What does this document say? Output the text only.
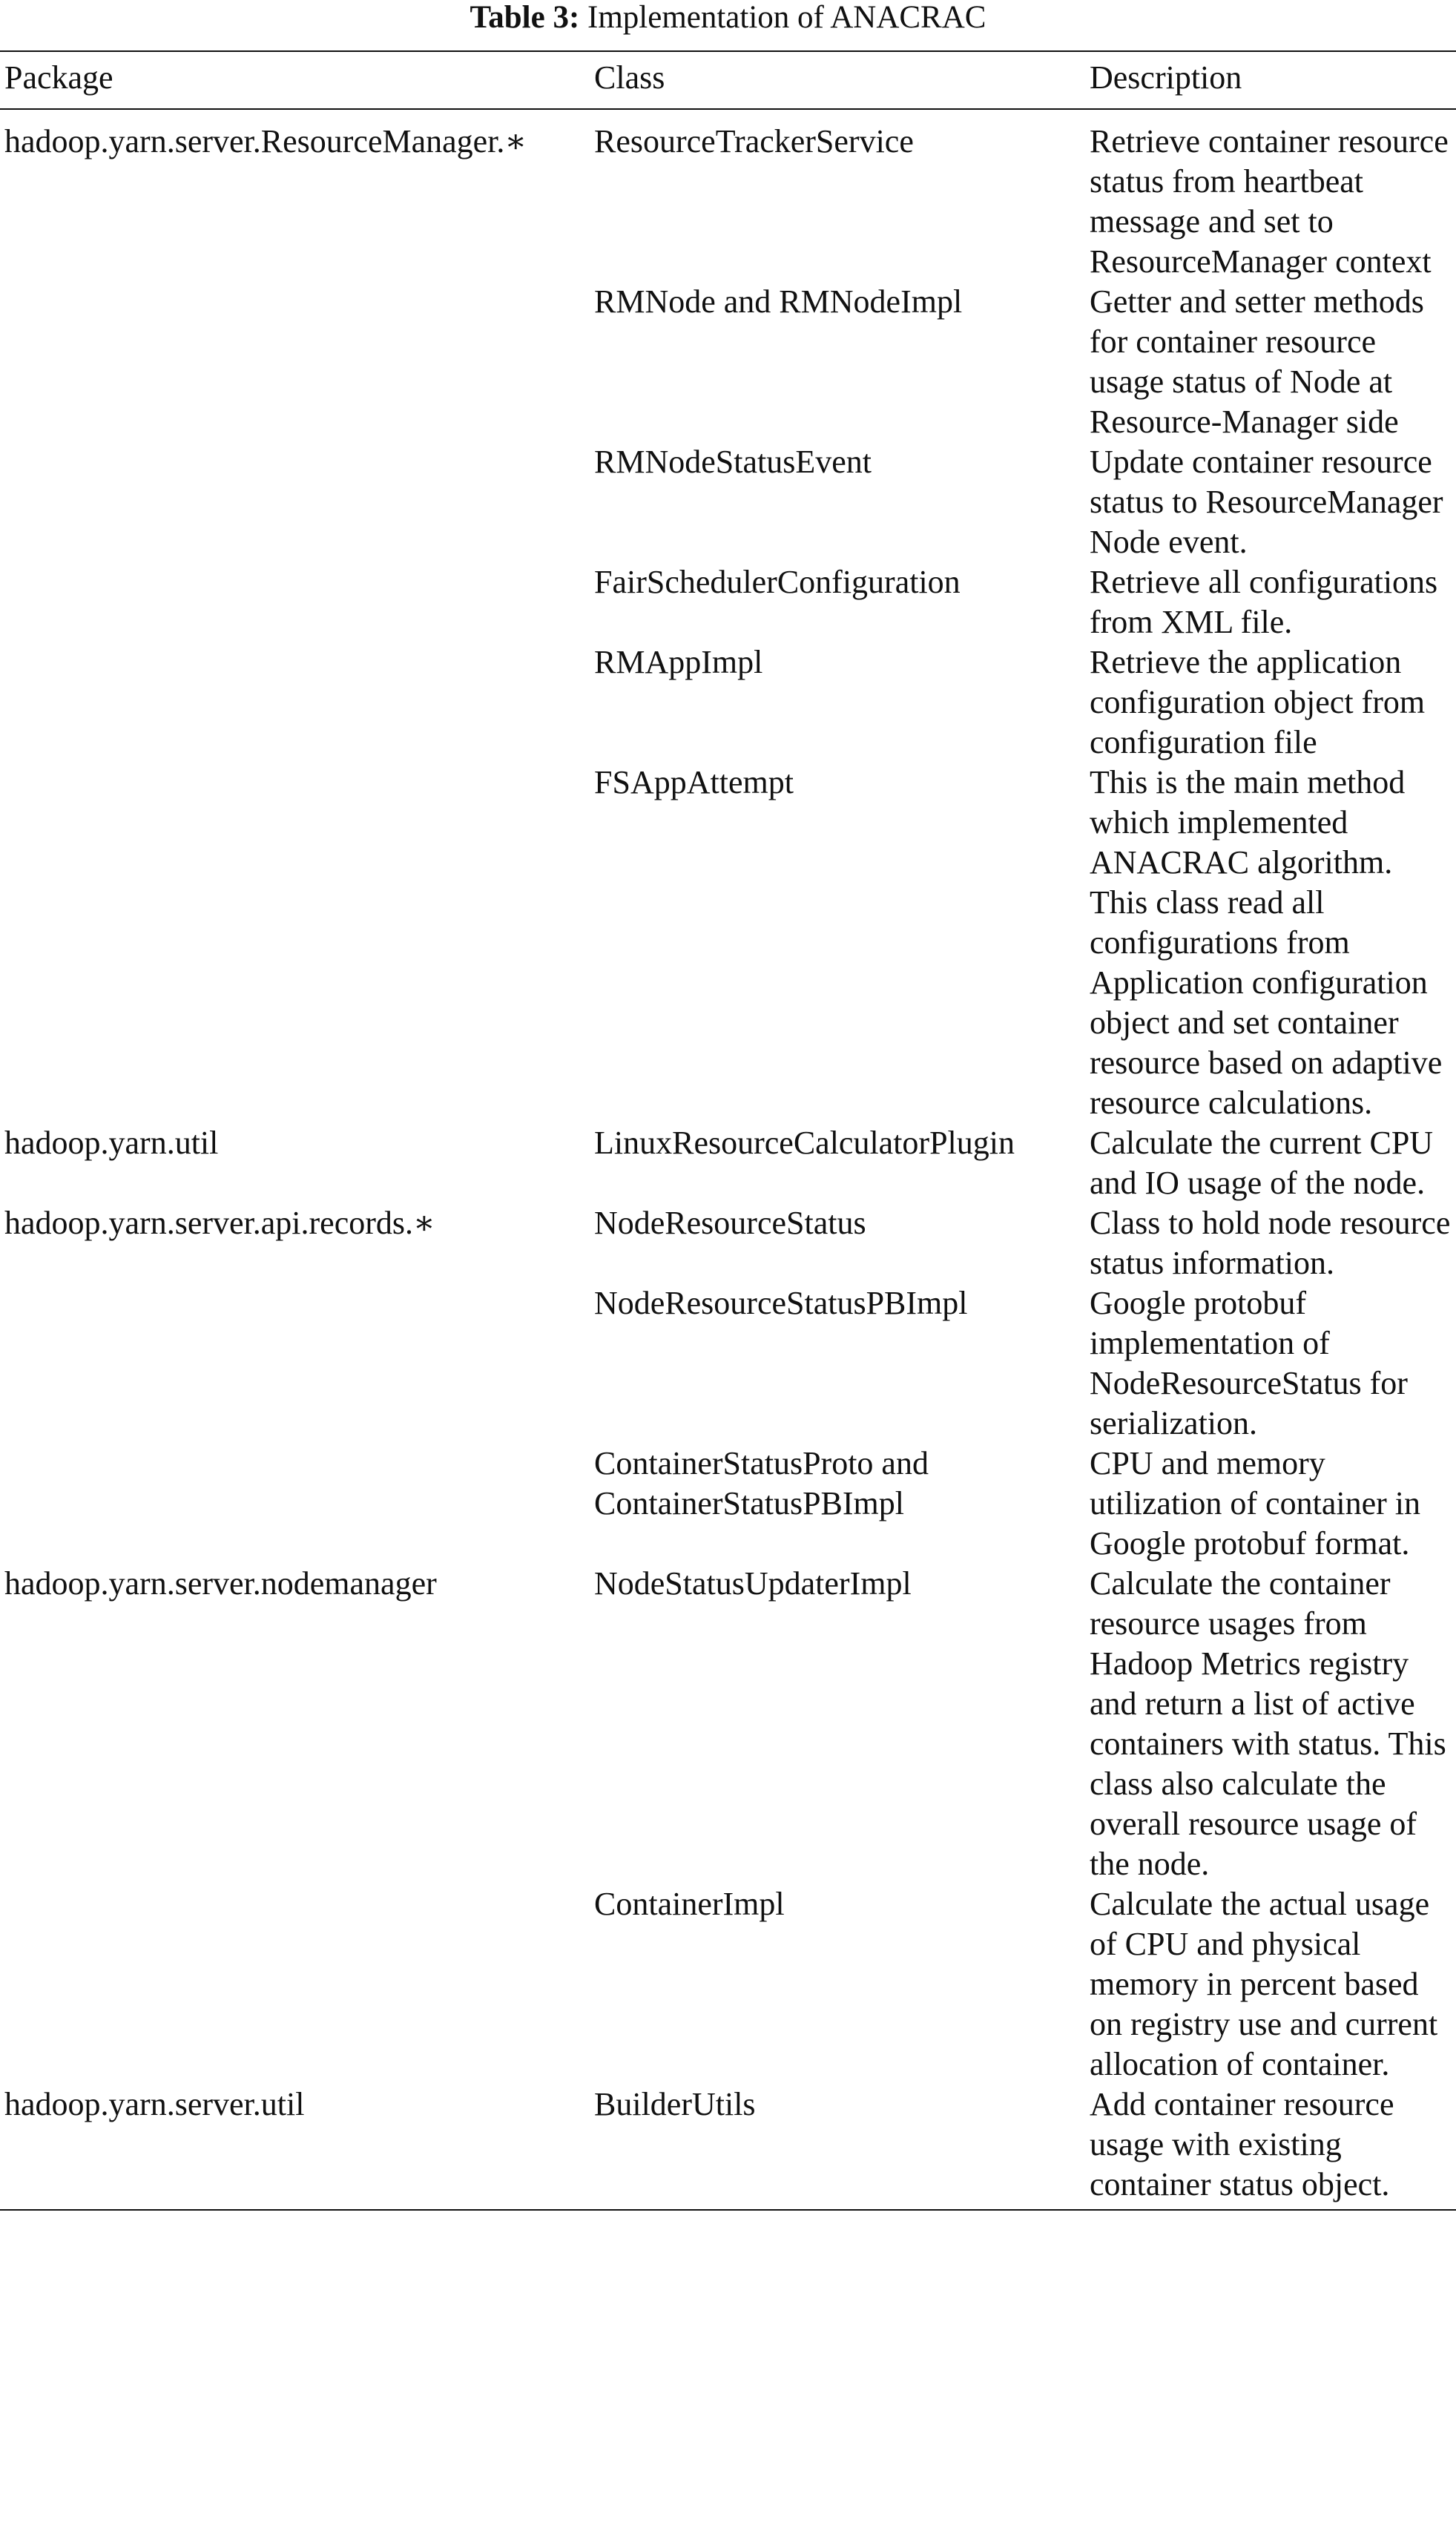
Table 3: Implementation of ANACRAC
Package	Class	Description
hadoop.yarn.server.ResourceManager.∗	ResourceTrackerService	Retrieve container resource status from heartbeat message and set to ResourceManager context
	RMNode and RMNodeImpl	Getter and setter methods for container resource usage status of Node at Resource-Manager side
	RMNodeStatusEvent	Update container resource status to ResourceManager Node event.
	FairSchedulerConfiguration	Retrieve all configurations from XML file.
	RMAppImpl	Retrieve the application configuration object from configuration file
	FSAppAttempt	This is the main method which implemented ANACRAC algorithm. This class read all configurations from Application configuration object and set container resource based on adaptive resource calculations.
hadoop.yarn.util	LinuxResourceCalculatorPlugin	Calculate the current CPU and IO usage of the node.
hadoop.yarn.server.api.records.∗	NodeResourceStatus	Class to hold node resource status information.
	NodeResourceStatusPBImpl	Google protobuf implementation of NodeResourceStatus for serialization.
	ContainerStatusProto and ContainerStatusPBImpl	CPU and memory utilization of container in Google protobuf format.
hadoop.yarn.server.nodemanager	NodeStatusUpdaterImpl	Calculate the container resource usages from Hadoop Metrics registry and return a list of active containers with status. This class also calculate the overall resource usage of the node.
	ContainerImpl	Calculate the actual usage of CPU and physical memory in percent based on registry use and current allocation of container.
hadoop.yarn.server.util	BuilderUtils	Add container resource usage with existing container status object.
